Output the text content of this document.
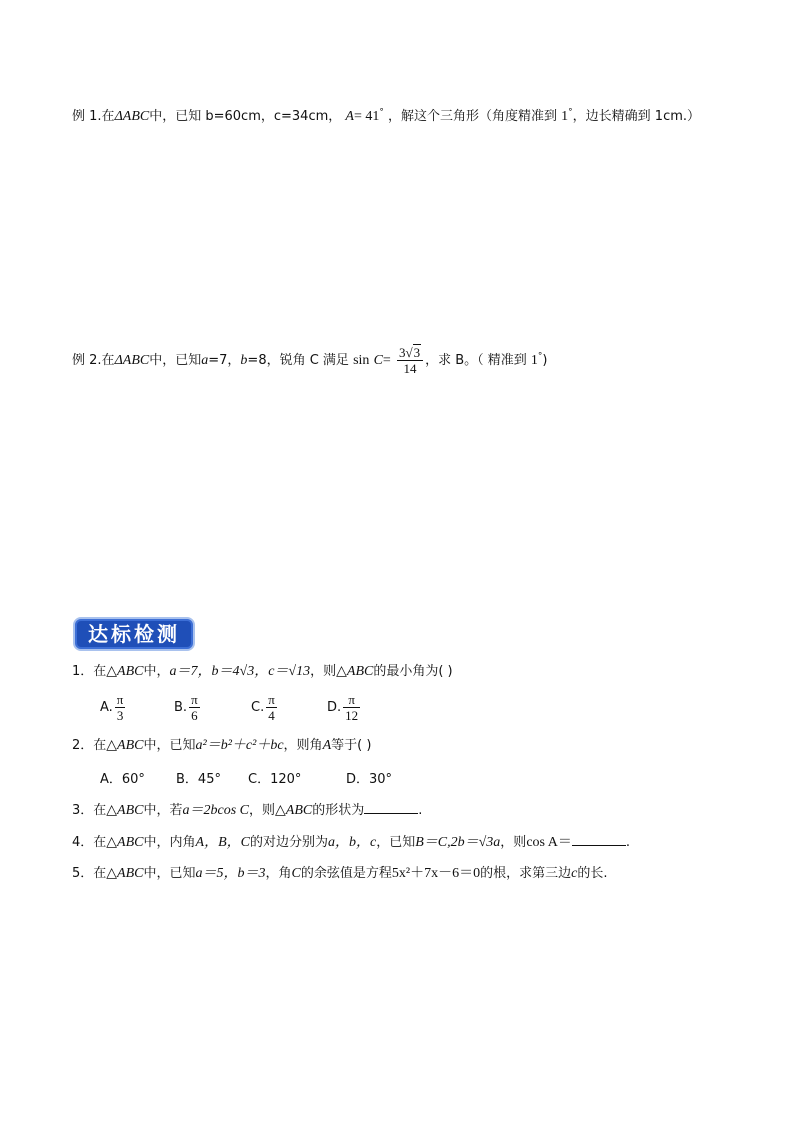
例 1.在ΔABC中，已知 b=60cm，c=34cm， A= 41° ，解这个三角形（角度精准到 1°，边长精确到 1cm.）
例 2.在ΔABC中，已知a=7，b=8，锐角 C 满足 $\sin C= \frac{3√3}{14}$ ，求 B。（ 精准到 1°)
达标检测
1．在△ABC中，a＝7，b＝4√3，c＝√13，则△ABC的最小角为( )
A. $\frac{\pi}{3}$	B. $\frac{\pi}{6}$	C. $\frac{\pi}{4}$	D. $\frac{\pi}{12}$
2．在△ABC中，已知a²＝b²＋c²＋bc，则角A等于( )
A．60° B．45° C．120°	D．30°
3．在△ABC中，若a＝2bcos C，则△ABC的形状为	.
4．在△ABC中，内角A，B，C的对边分别为a，b，c，已知B＝C,2b＝√3a，则cos A＝	.
5．在△ABC中，已知a＝5，b＝3，角C的余弦值是方程5x²＋7x－6＝0的根，求第三边c的长.
